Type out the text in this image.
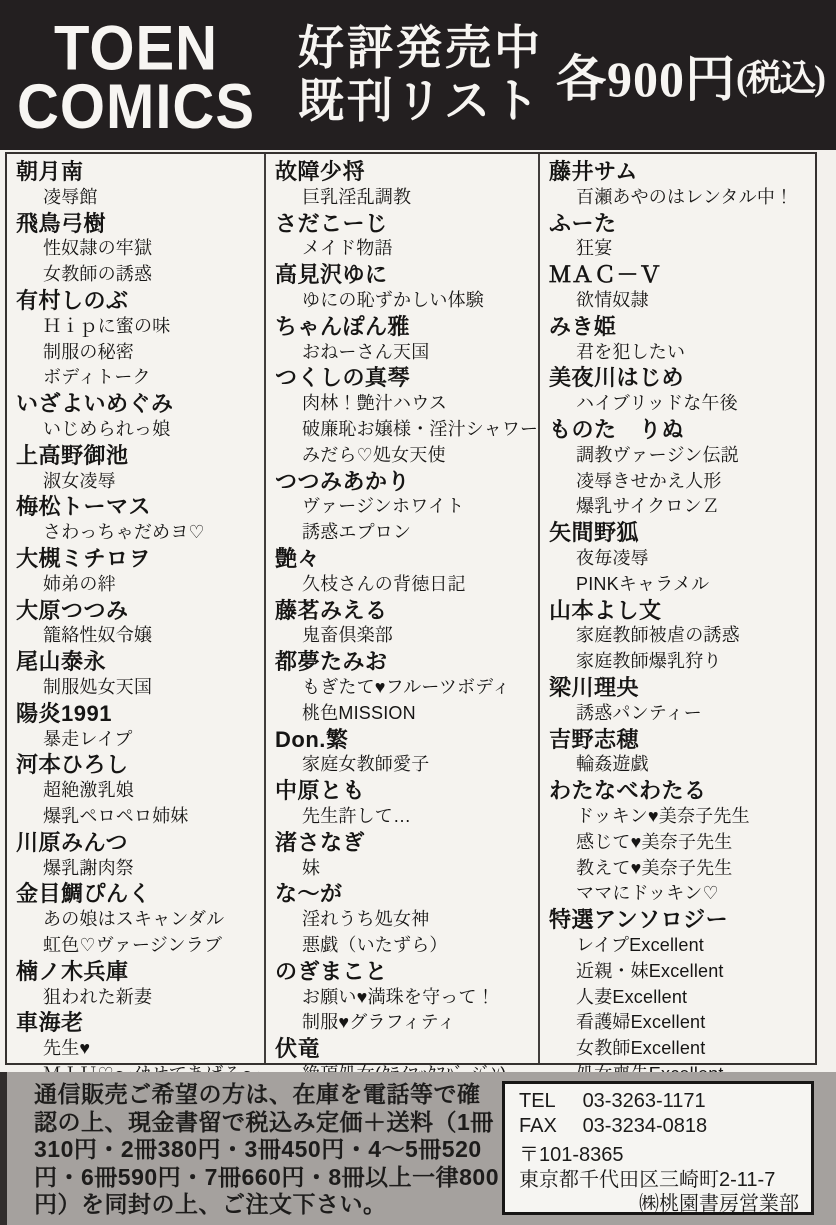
TOEN
COMICS
好評発売中
既刊リスト 各900円 (税込)
朝月南
凌辱館
飛鳥弓樹
性奴隷の牢獄
女教師の誘惑
有村しのぶ
Ｈｉｐに蜜の味
制服の秘密
ボディトーク
いざよいめぐみ
いじめられっ娘
上高野御池
淑女凌辱
梅松トーマス
さわっちゃだめヨ♡
大槻ミチロヲ
姉弟の絆
大原つつみ
籠絡性奴令嬢
尾山泰永
制服処女天国
陽炎1991
暴走レイプ
河本ひろし
超絶激乳娘
爆乳ペロペロ姉妹
川原みんつ
爆乳謝肉祭
金目鯛ぴんく
あの娘はスキャンダル
虹色♡ヴァージンラブ
楠ノ木兵庫
狙われた新妻
車海老
先生♥
故障少将
巨乳淫乱調教
さだこーじ
メイド物語
高見沢ゆに
ゆにの恥ずかしい体験
ちゃんぽん雅
おねーさん天国
つくしの真琴
肉林！艶汁ハウス
破廉恥お嬢様・淫汁シャワー
みだら♡処女天使
つつみあかり
ヴァージンホワイト
誘惑エプロン
艶々
久枝さんの背徳日記
藤茗みえる
鬼畜倶楽部
都夢たみお
もぎたて♥フルーツボディ
桃色MISSION
Don.繁
家庭女教師愛子
中原とも
先生許して…
渚さなぎ
妹
な～が
淫れうち処女神
悪戯（いたずら）
のぎまこと
お願い♥満珠を守って！
制服♥グラフィティ
伏竜
藤井サム
百瀬あやのはレンタル中！
ふーた
狂宴
ＭＡＣ－Ｖ
欲情奴隷
みき姫
君を犯したい
美夜川はじめ
ハイブリッドな午後
ものた　りぬ
調教ヴァージン伝説
凌辱きせかえ人形
爆乳サイクロンＺ
矢間野狐
夜毎凌辱
PINKキャラメル
山本よし文
家庭教師被虐の誘惑
家庭教師爆乳狩り
梁川理央
誘惑パンティー
吉野志穂
輪姦遊戯
わたなべわたる
ドッキン♥美奈子先生
感じて♥美奈子先生
教えて♥美奈子先生
ママにドッキン♡
特選アンソロジー
レイプExcellent
近親・妹Excellent
人妻Excellent
看護婦Excellent
女教師Excellent

通信販売ご希望の方は、在庫を電話等で確認の上、現金書留で税込み定価＋送料（1冊310円・2冊380円・3冊450円・4～5冊520円・6冊590円・7冊660円・8冊以上一律800円）を同封の上、ご注文下さい。

TEL 03-3263-1171
FAX 03-3234-0818
〒101-8365
東京都千代田区三崎町2-11-7
㈱桃園書房営業部
